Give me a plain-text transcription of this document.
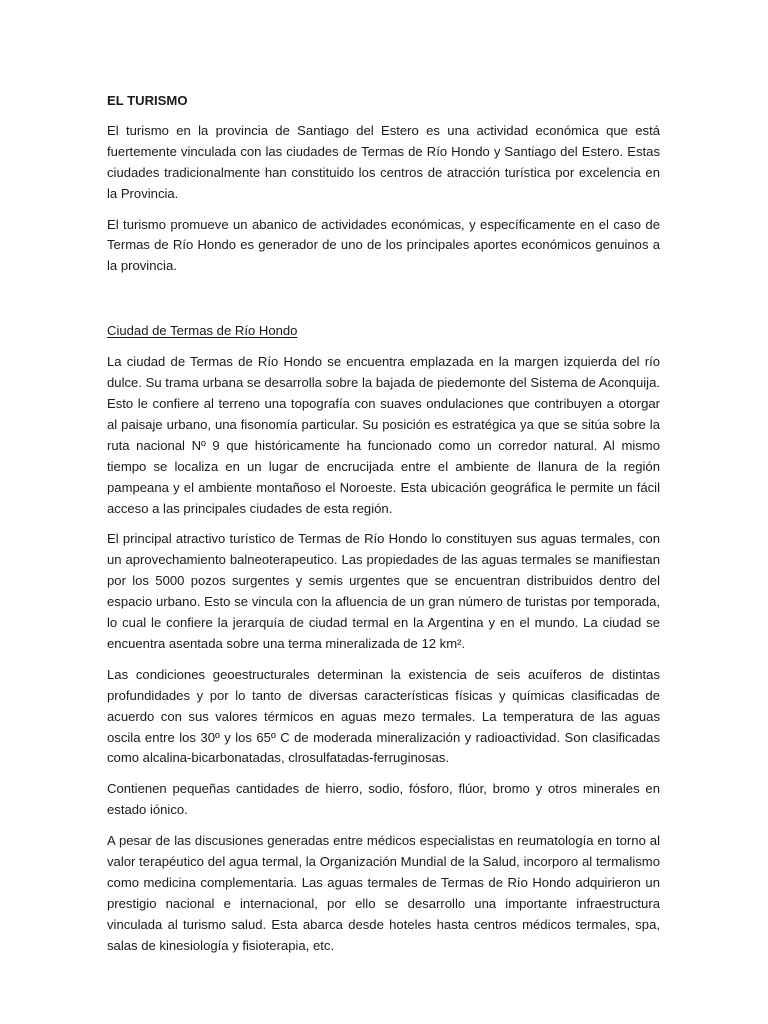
EL TURISMO

El turismo en la provincia de Santiago del Estero es una actividad económica que está fuertemente vinculada con las ciudades de Termas de Río Hondo y Santiago del Estero. Estas ciudades tradicionalmente han constituido los centros de atracción turística por excelencia en la Provincia.

El turismo promueve un abanico de actividades económicas, y específicamente en el caso de Termas de Río Hondo es generador de uno de los principales aportes económicos genuinos a la provincia.

Ciudad de Termas de Río Hondo

La ciudad de Termas de Río Hondo se encuentra emplazada en la margen izquierda del río dulce. Su trama urbana se desarrolla sobre la bajada de piedemonte del Sistema de Aconquija. Esto le confiere al terreno una topografía con suaves ondulaciones que contribuyen a otorgar al paisaje urbano, una fisonomía particular. Su posición es estratégica ya que se sitúa sobre la ruta nacional Nº 9 que históricamente ha funcionado como un corredor natural. Al mismo tiempo se localiza en un lugar de encrucijada entre el ambiente de llanura de la región pampeana y el ambiente montañoso el Noroeste. Esta ubicación geográfica le permite un fácil acceso a las principales ciudades de esta región.

El principal atractivo turístico de Termas de Río Hondo lo constituyen sus aguas termales, con un aprovechamiento balneoterapeutico. Las propiedades de las aguas termales se manifiestan por los 5000 pozos surgentes y semis urgentes que se encuentran distribuidos dentro del espacio urbano. Esto se vincula con la afluencia de un gran número de turistas por temporada, lo cual le confiere la jerarquía de ciudad termal en la Argentina y en el mundo. La ciudad se encuentra asentada sobre una terma mineralizada de 12 km².

Las condiciones geoestructurales determinan la existencia de seis acuíferos de distintas profundidades y por lo tanto de diversas características físicas y químicas clasificadas de acuerdo con sus valores térmicos en aguas mezo termales. La temperatura de las aguas oscila entre los 30º y los 65º C de moderada mineralización y radioactividad. Son clasificadas como alcalina-bicarbonatadas, clrosulfatadas-ferruginosas.

Contienen pequeñas cantidades de hierro, sodio, fósforo, flúor, bromo y otros minerales en estado iónico.

A pesar de las discusiones generadas entre médicos especialistas en reumatología en torno al valor terapéutico del agua termal, la Organización Mundial de la Salud, incorporo al termalismo como medicina complementaria. Las aguas termales de Termas de Río Hondo adquirieron un prestigio nacional e internacional, por ello se desarrollo una importante infraestructura vinculada al turismo salud. Esta abarca desde hoteles hasta centros médicos termales, spa, salas de kinesiología y fisioterapia, etc.
